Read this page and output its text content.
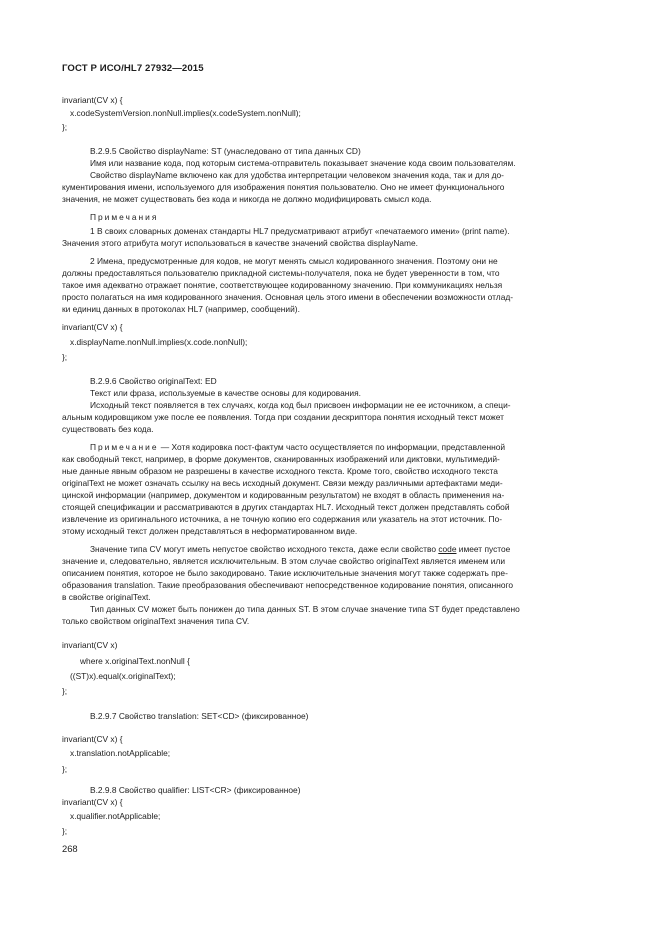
ГОСТ Р ИСО/HL7 27932—2015
invariant(CV x) {
x.codeSystemVersion.nonNull.implies(x.codeSystem.nonNull);
};
B.2.9.5 Свойство displayName: ST (унаследовано от типа данных CD)
Имя или название кода, под которым система-отправитель показывает значение кода своим пользователям.
Свойство displayName включено как для удобства интерпретации человеком значения кода, так и для до-
кументирования имени, используемого для изображения понятия пользователю. Оно не имеет функционального
значения, не может существовать без кода и никогда не должно модифицировать смысл кода.
Примечания
1 В своих словарных доменах стандарты HL7 предусматривают атрибут «печатаемого имени» (print name).
Значения этого атрибута могут использоваться в качестве значений свойства displayName.
2 Имена, предусмотренные для кодов, не могут менять смысл кодированного значения. Поэтому они не
должны предоставляться пользователю прикладной системы-получателя, пока не будет уверенности в том, что
такое имя адекватно отражает понятие, соответствующее кодированному значению. При коммуникациях нельзя
просто полагаться на имя кодированного значения. Основная цель этого имени в обеспечении возможности отлад-
ки единиц данных в протоколах HL7 (например, сообщений).
invariant(CV x) {
x.displayName.nonNull.implies(x.code.nonNull);
};
B.2.9.6 Свойство originalText: ED
Текст или фраза, используемые в качестве основы для кодирования.
Исходный текст появляется в тех случаях, когда код был присвоен информации не ее источником, а специ-
альным кодировщиком уже после ее появления. Тогда при создании дескриптора понятия исходный текст может
существовать без кода.
Примечание — Хотя кодировка пост-фактум часто осуществляется по информации, представленной
как свободный текст, например, в форме документов, сканированных изображений или диктовки, мультимедий-
ные данные явным образом не разрешены в качестве исходного текста. Кроме того, свойство исходного текста
originalText не может означать ссылку на весь исходный документ. Связи между различными артефактами меди-
цинской информации (например, документом и кодированным результатом) не входят в область применения на-
стоящей спецификации и рассматриваются в других стандартах HL7. Исходный текст должен представлять собой
извлечение из оригинального источника, а не точную копию его содержания или указатель на этот источник. По-
этому исходный текст должен представляться в неформатированном виде.
Значение типа CV могут иметь непустое свойство исходного текста, даже если свойство code имеет пустое
значение и, следовательно, является исключительным. В этом случае свойство originalText является именем или
описанием понятия, которое не было закодировано. Такие исключительные значения могут также содержать пре-
образования translation. Такие преобразования обеспечивают непосредственное кодирование понятия, описанного
в свойстве originalText.
Тип данных CV может быть понижен до типа данных ST. В этом случае значение типа ST будет представлено
только свойством originalText значения типа CV.
invariant(CV x)
where x.originalText.nonNull {
((ST)x).equal(x.originalText);
};
B.2.9.7 Свойство translation: SET<CD> (фиксированное)
invariant(CV x) {
x.translation.notApplicable;
};
B.2.9.8 Свойство qualifier: LIST<CR> (фиксированное)
invariant(CV x) {
x.qualifier.notApplicable;
};
268
